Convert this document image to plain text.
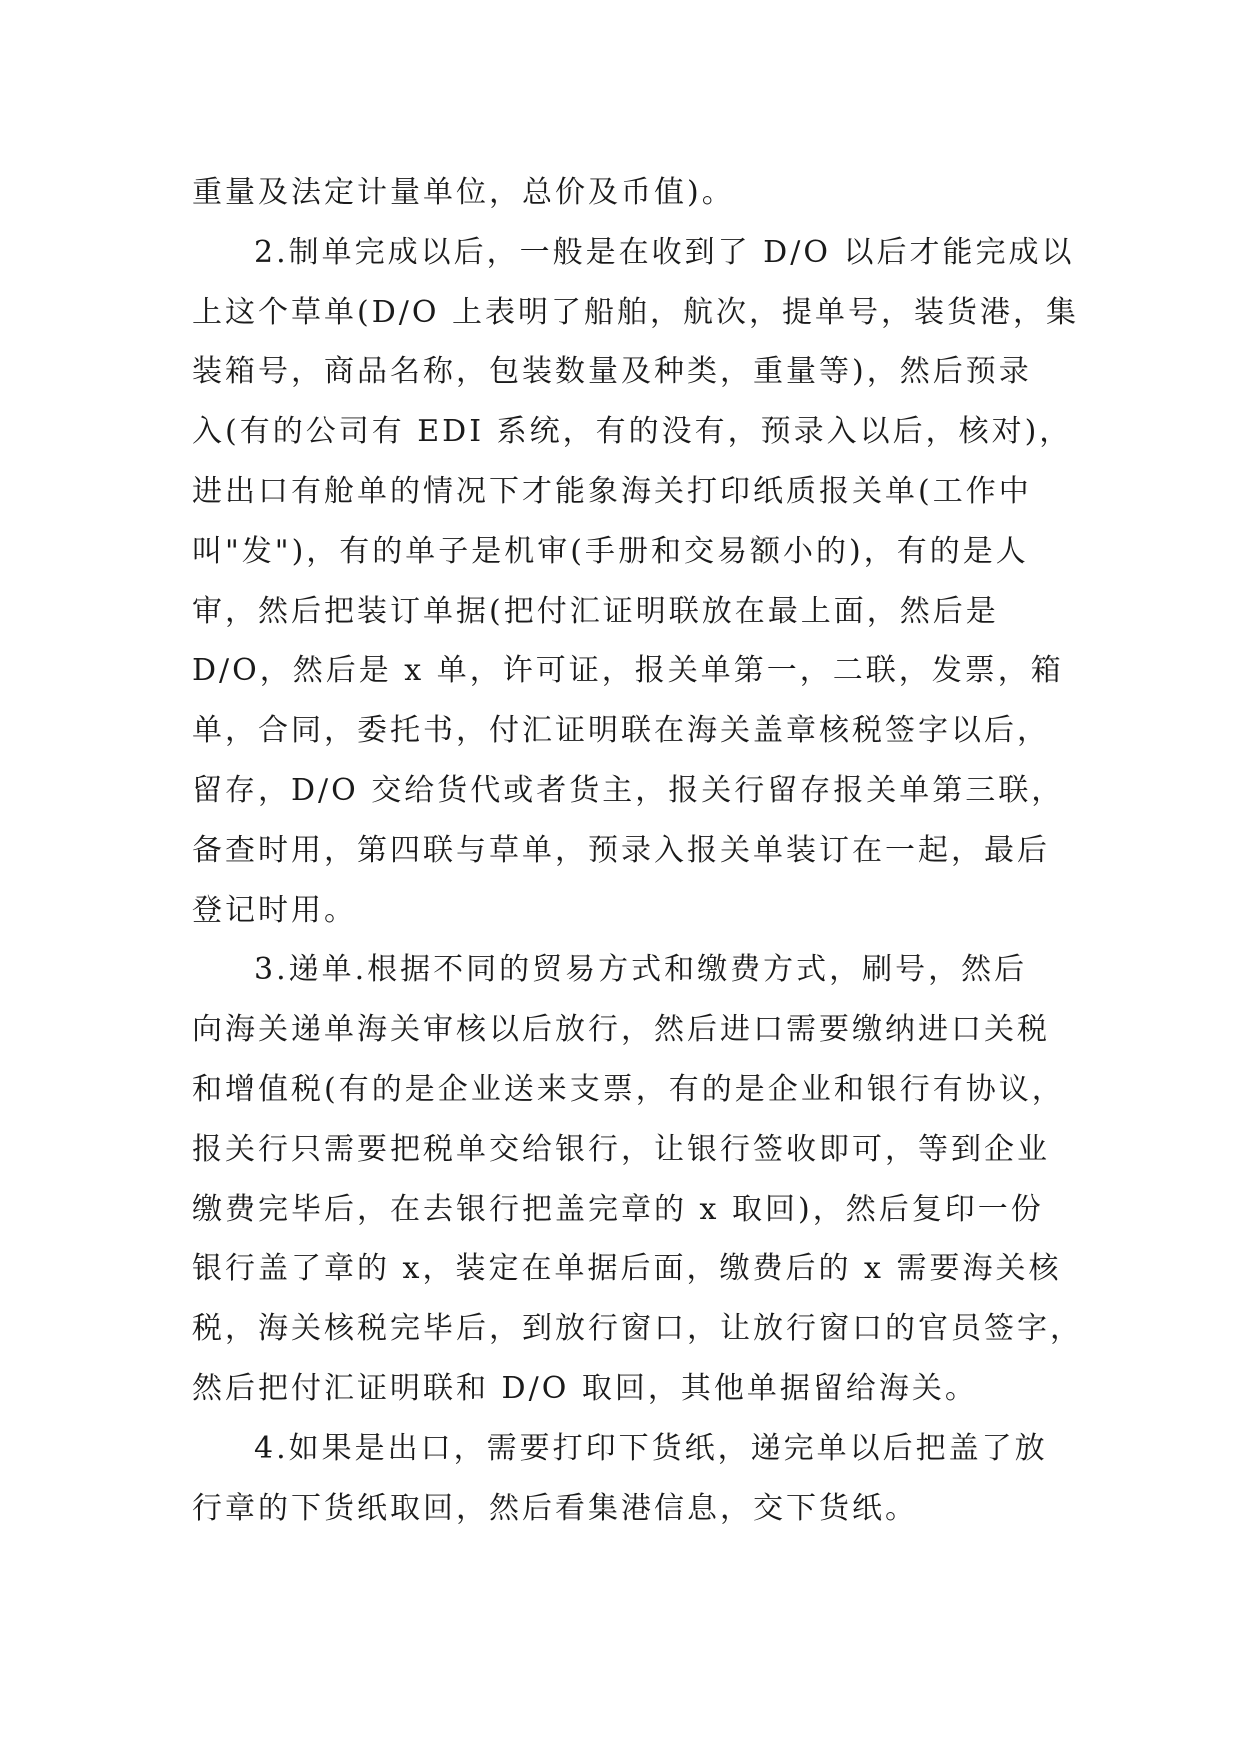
重量及法定计量单位，总价及币值)。
2.制单完成以后，一般是在收到了 D/O 以后才能完成以
上这个草单(D/O 上表明了船舶，航次，提单号，装货港，集
装箱号，商品名称，包装数量及种类，重量等)，然后预录
入(有的公司有 EDI 系统，有的没有，预录入以后，核对)，
进出口有舱单的情况下才能象海关打印纸质报关单(工作中
叫"发")，有的单子是机审(手册和交易额小的)，有的是人
审，然后把装订单据(把付汇证明联放在最上面，然后是
D/O，然后是 x 单，许可证，报关单第一，二联，发票，箱
单，合同，委托书，付汇证明联在海关盖章核税签字以后，
留存，D/O 交给货代或者货主，报关行留存报关单第三联，
备查时用，第四联与草单，预录入报关单装订在一起，最后
登记时用。
3.递单.根据不同的贸易方式和缴费方式，刷号，然后
向海关递单海关审核以后放行，然后进口需要缴纳进口关税
和增值税(有的是企业送来支票，有的是企业和银行有协议，
报关行只需要把税单交给银行，让银行签收即可，等到企业
缴费完毕后，在去银行把盖完章的 x 取回)，然后复印一份
银行盖了章的 x，装定在单据后面，缴费后的 x 需要海关核
税，海关核税完毕后，到放行窗口，让放行窗口的官员签字，
然后把付汇证明联和 D/O 取回，其他单据留给海关。
4.如果是出口，需要打印下货纸，递完单以后把盖了放
行章的下货纸取回，然后看集港信息，交下货纸。
